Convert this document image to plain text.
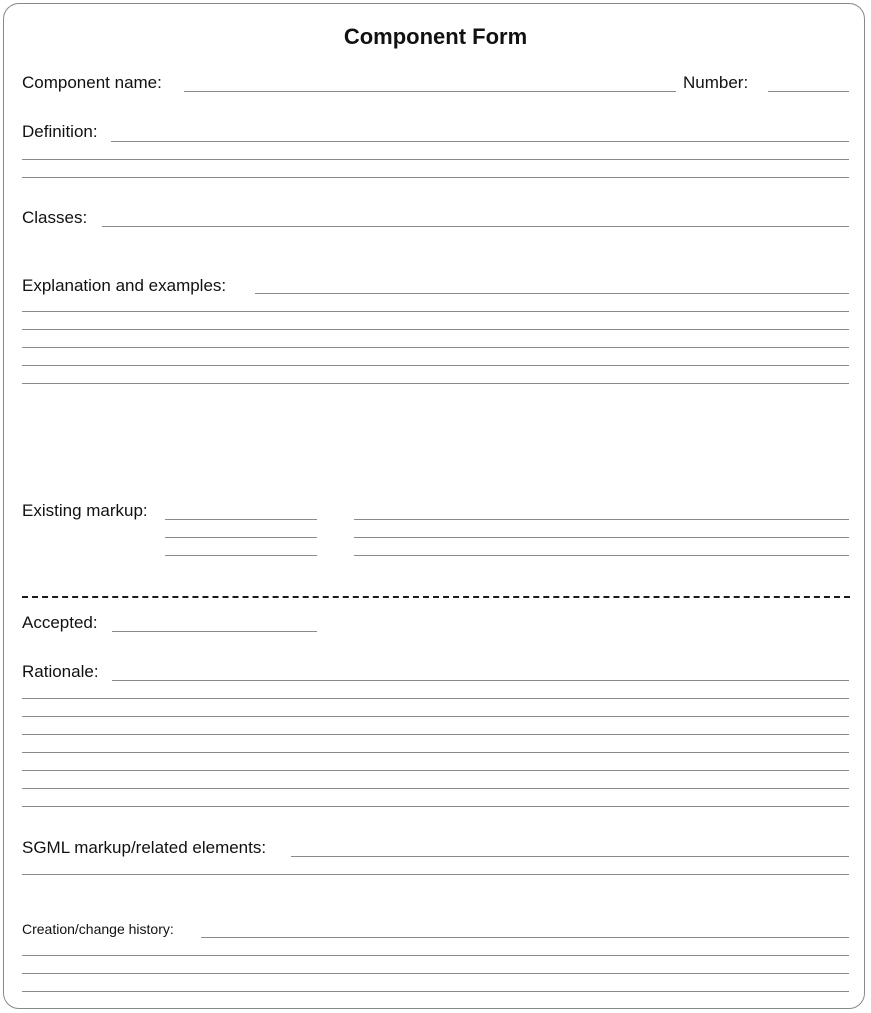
Component Form
Component name:	Number:
Definition:
Classes:
Explanation and examples:
Existing markup:
Accepted:
Rationale:
SGML markup/related elements:
Creation/change history:
